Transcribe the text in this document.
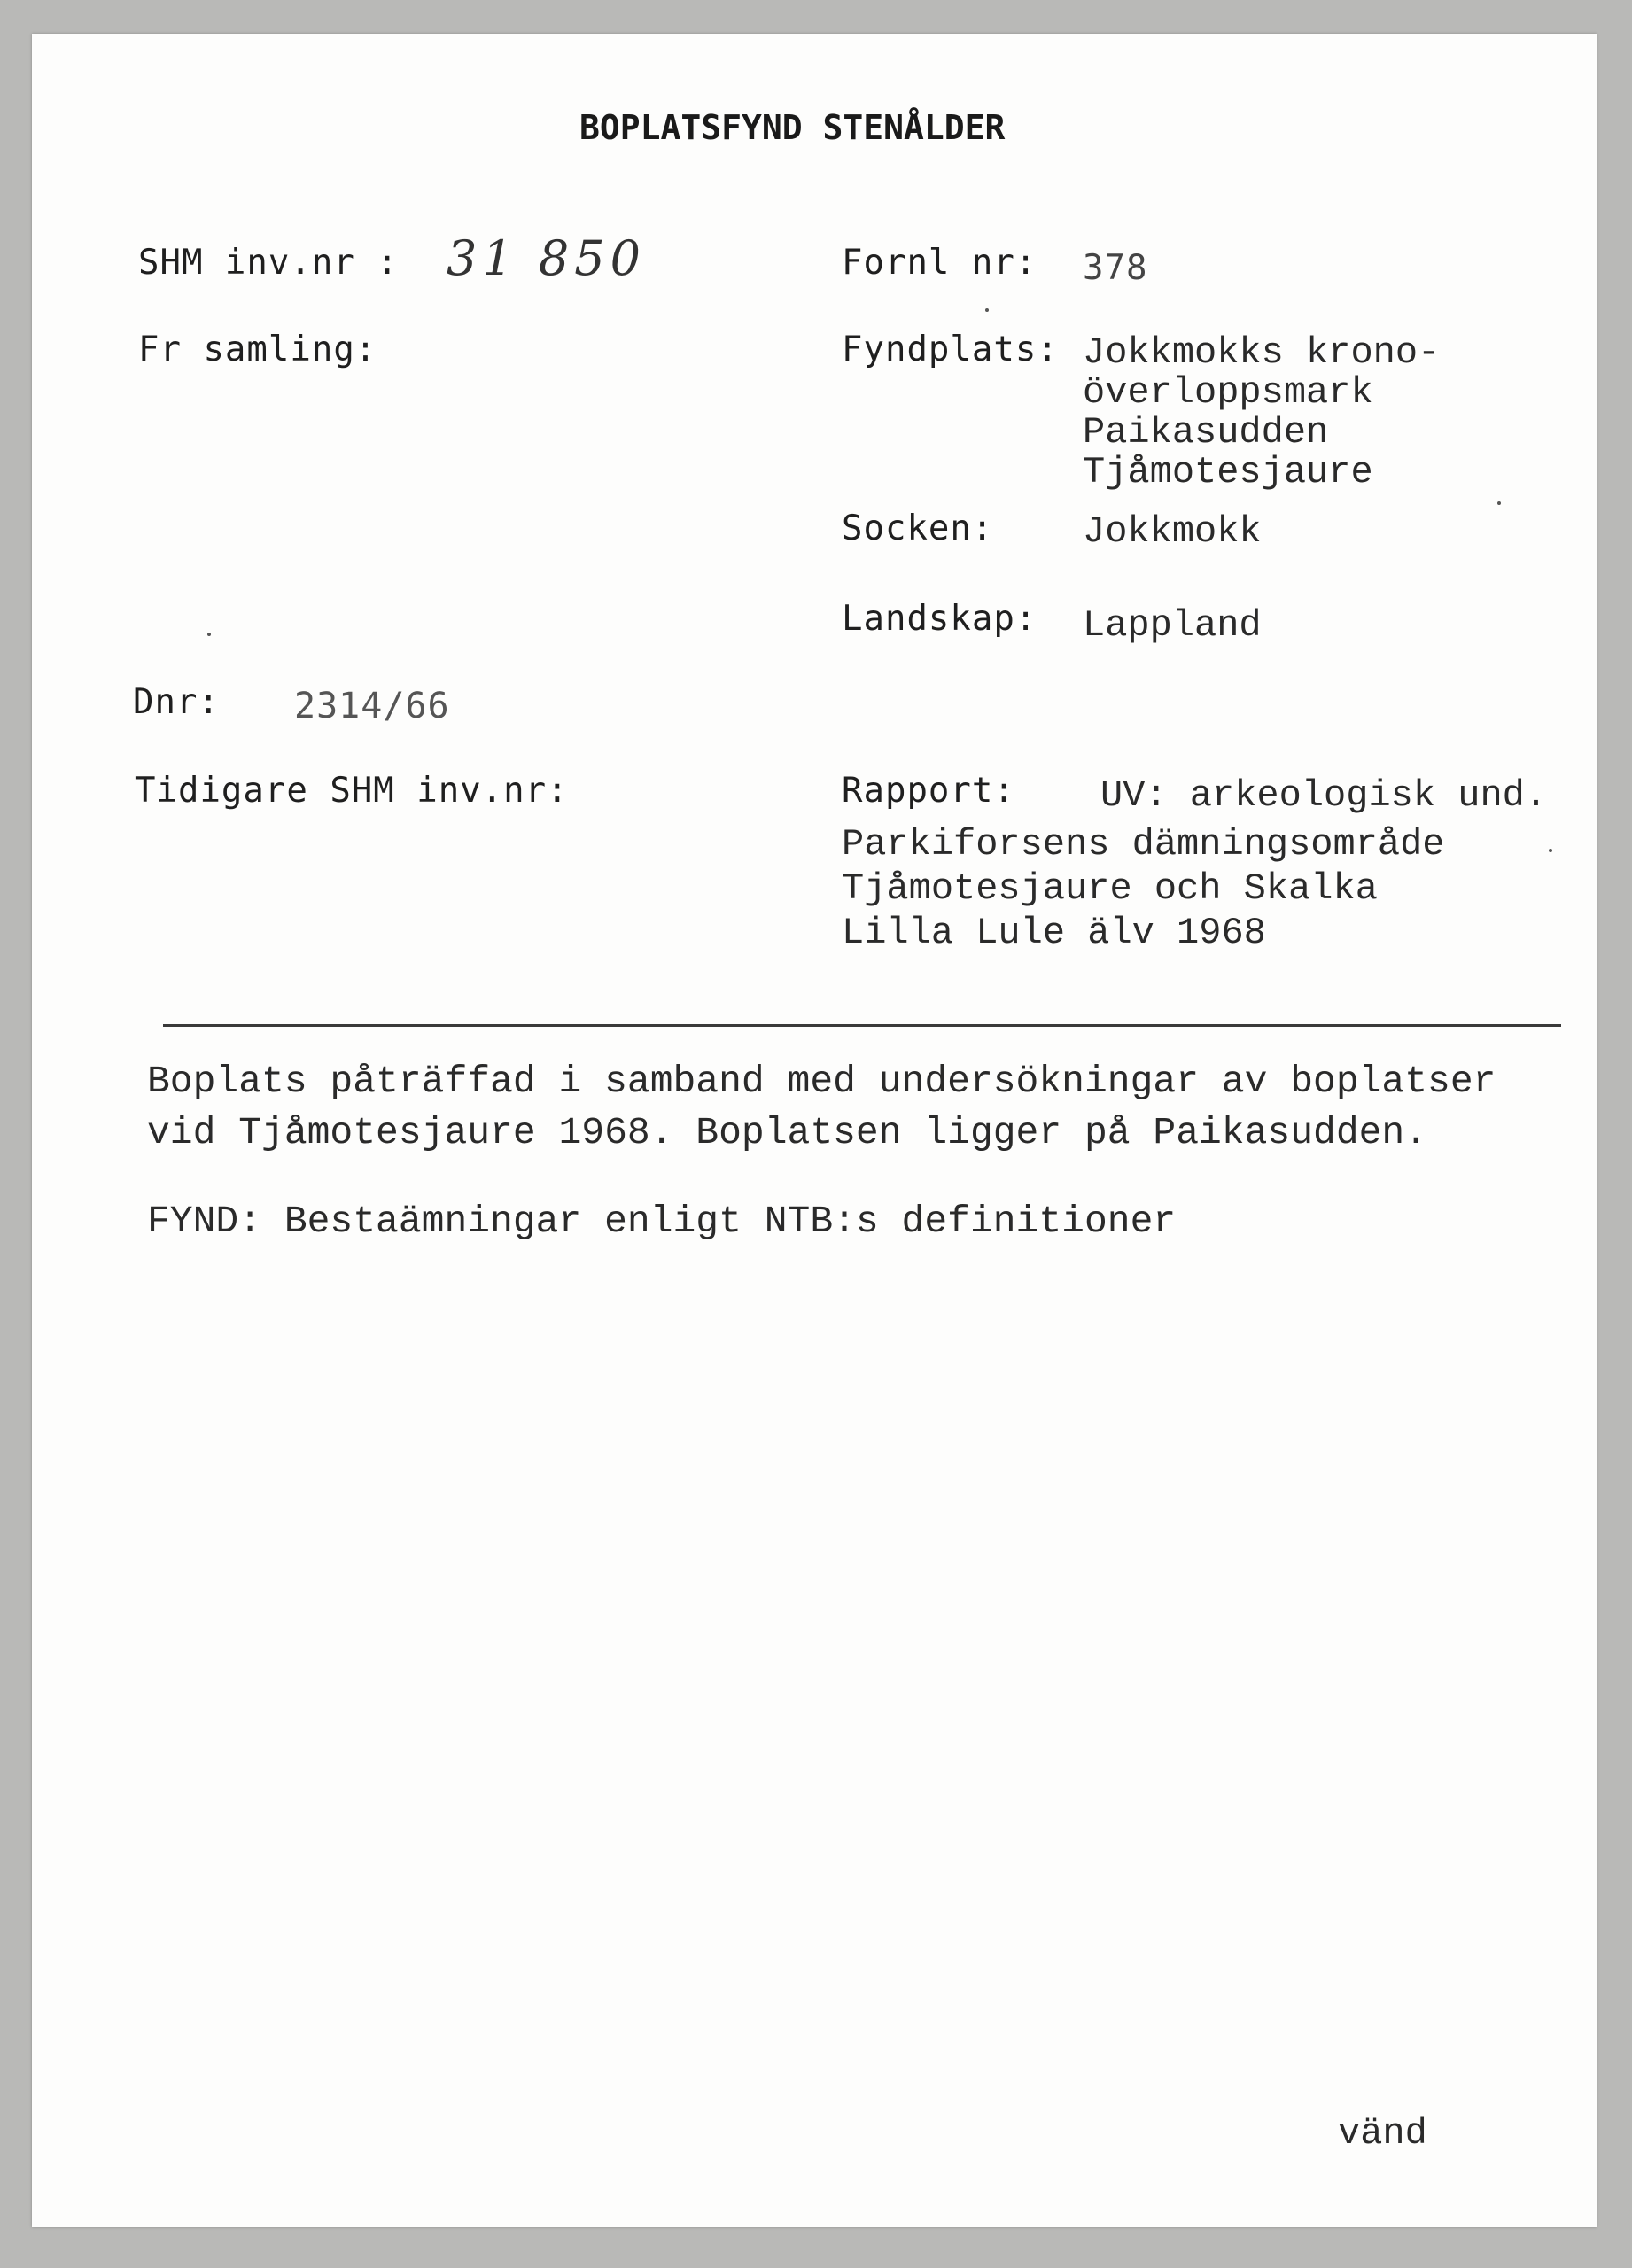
BOPLATSFYND STENÅLDER
SHM inv.nr : 31 850	Fornl nr: 378
Fr samling:	Fyndplats: Jokkmokks krono-
överloppsmark
Paikasudden
Tjåmotesjaure
Socken: Jokkmokk
Landskap: Lappland
Dnr: 2314/66
Tidigare SHM inv.nr:	Rapport: UV: arkeologisk und.
Parkiforsens dämningsområde
Tjåmotesjaure och Skalka
Lilla Lule älv 1968
Boplats påträffad i samband med undersökningar av boplatser
vid Tjåmotesjaure 1968. Boplatsen ligger på Paikasudden.
FYND: Bestaämningar enligt NTB:s definitioner
vänd
